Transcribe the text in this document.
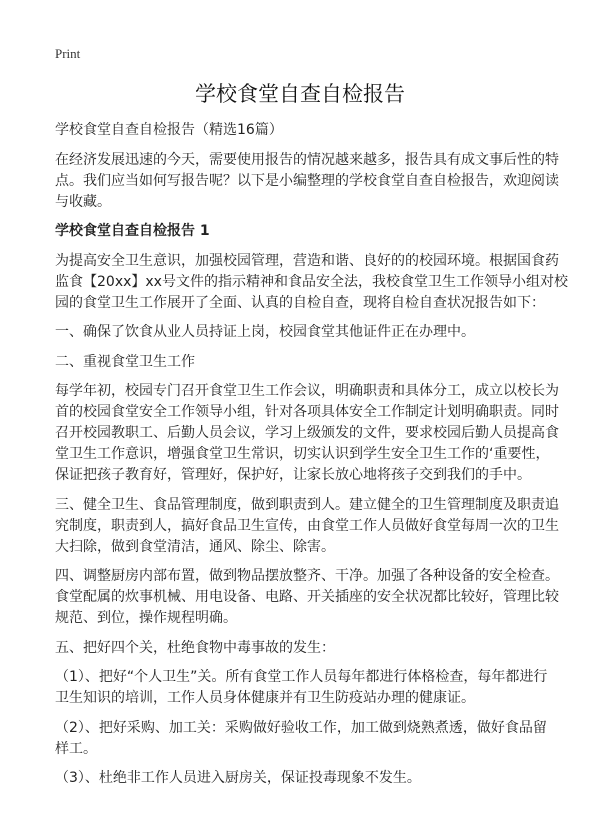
Print
学校食堂自查自检报告
学校食堂自查自检报告（精选16篇）
在经济发展迅速的今天，需要使用报告的情况越来越多，报告具有成文事后性的特
点。我们应当如何写报告呢？以下是小编整理的学校食堂自查自检报告，欢迎阅读
与收藏。
学校食堂自查自检报告 1
为提高安全卫生意识，加强校园管理，营造和谐、良好的的校园环境。根据国食药
监食【20xx】xx号文件的指示精神和食品安全法，我校食堂卫生工作领导小组对校
园的食堂卫生工作展开了全面、认真的自检自查，现将自检自查状况报告如下：
一、确保了饮食从业人员持证上岗，校园食堂其他证件正在办理中。
二、重视食堂卫生工作
每学年初，校园专门召开食堂卫生工作会议，明确职责和具体分工，成立以校长为
首的校园食堂安全工作领导小组，针对各项具体安全工作制定计划明确职责。同时
召开校园教职工、后勤人员会议，学习上级颁发的文件，要求校园后勤人员提高食
堂卫生工作意识，增强食堂卫生常识，切实认识到学生安全卫生工作的‘重要性，
保证把孩子教育好，管理好，保护好，让家长放心地将孩子交到我们的手中。
三、健全卫生、食品管理制度，做到职责到人。建立健全的卫生管理制度及职责追
究制度，职责到人，搞好食品卫生宣传，由食堂工作人员做好食堂每周一次的卫生
大扫除，做到食堂清洁，通风、除尘、除害。
四、调整厨房内部布置，做到物品摆放整齐、干净。加强了各种设备的安全检查。
食堂配属的炊事机械、用电设备、电路、开关插座的安全状况都比较好，管理比较
规范、到位，操作规程明确。
五、把好四个关，杜绝食物中毒事故的发生：
（1）、把好“个人卫生”关。所有食堂工作人员每年都进行体格检查，每年都进行
卫生知识的培训，工作人员身体健康并有卫生防疫站办理的健康证。
（2）、把好采购、加工关：采购做好验收工作，加工做到烧熟煮透，做好食品留
样工。
（3）、杜绝非工作人员进入厨房关，保证投毒现象不发生。
